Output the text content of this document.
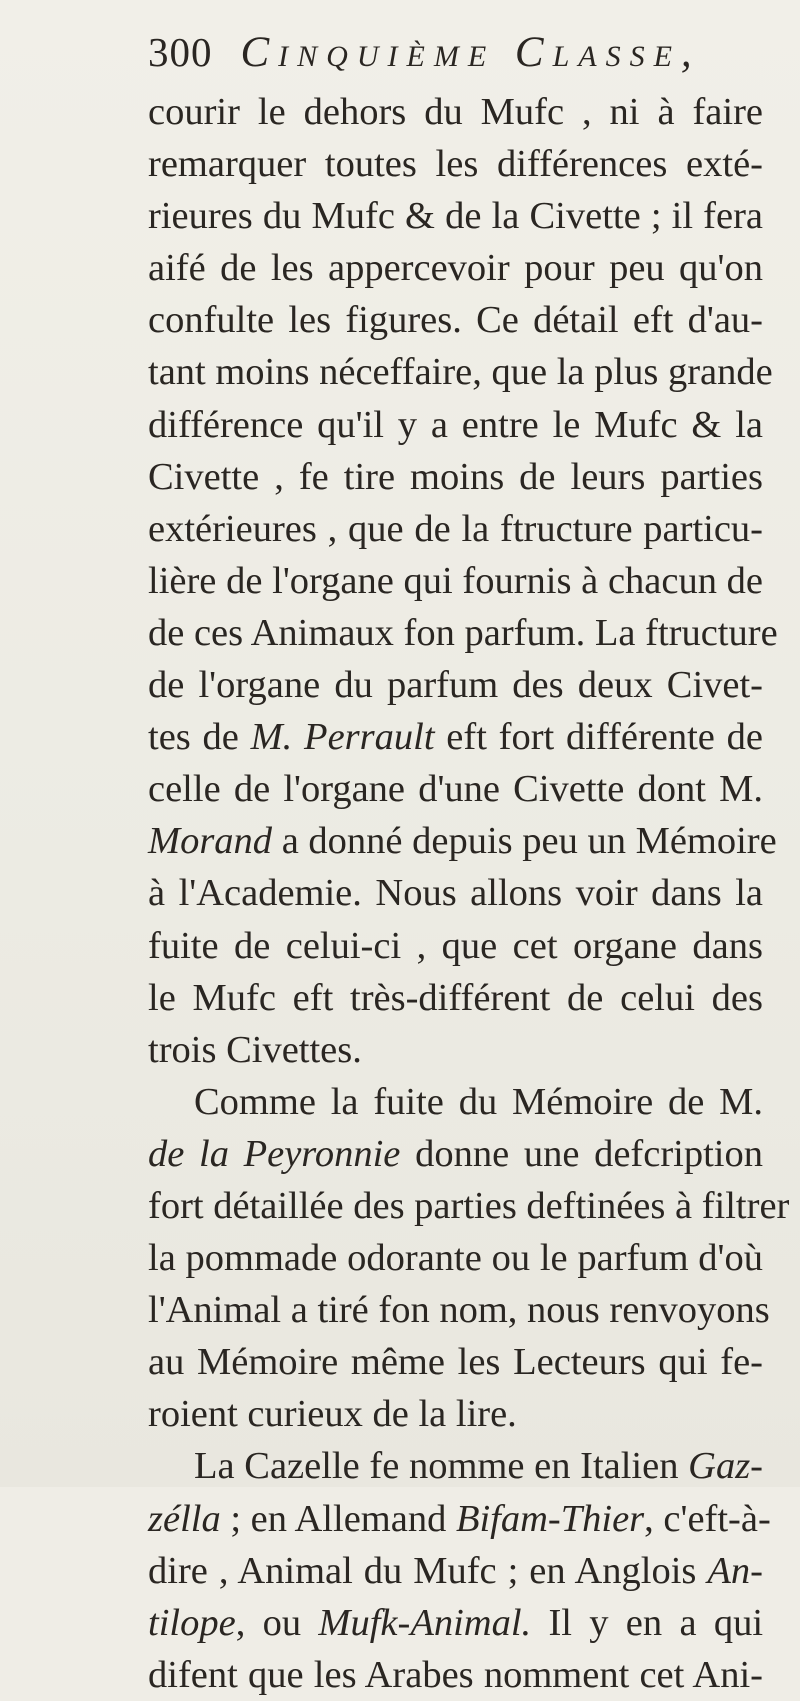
300 Cinquième Classe,
courir le dehors du Mufc , ni à faire
remarquer toutes les différences exté-
rieures du Mufc & de la Civette ; il fera
aifé de les appercevoir pour peu qu'on
confulte les figures. Ce détail eft d'au-
tant moins néceffaire, que la plus grande
différence qu'il y a entre le Mufc & la
Civette , fe tire moins de leurs parties
extérieures , que de la ftructure particu-
lière de l'organe qui fournis à chacun de
de ces Animaux fon parfum. La ftructure
de l'organe du parfum des deux Civet-
tes de M. Perrault eft fort différente de
celle de l'organe d'une Civette dont M.
Morand a donné depuis peu un Mémoire
à l'Academie. Nous allons voir dans la
fuite de celui-ci , que cet organe dans
le Mufc eft très-différent de celui des
trois Civettes.
Comme la fuite du Mémoire de M.
de la Peyronnie donne une defcription
fort détaillée des parties deftinées à filtrer
la pommade odorante ou le parfum d'où
l'Animal a tiré fon nom, nous renvoyons
au Mémoire même les Lecteurs qui fe-
roient curieux de la lire.
La Cazelle fe nomme en Italien Gaz-
zélla ; en Allemand Bifam-Thier, c'eft-à-
dire , Animal du Mufc ; en Anglois An-
tilope, ou Mufk-Animal. Il y en a qui
difent que les Arabes nomment cet Ani-
